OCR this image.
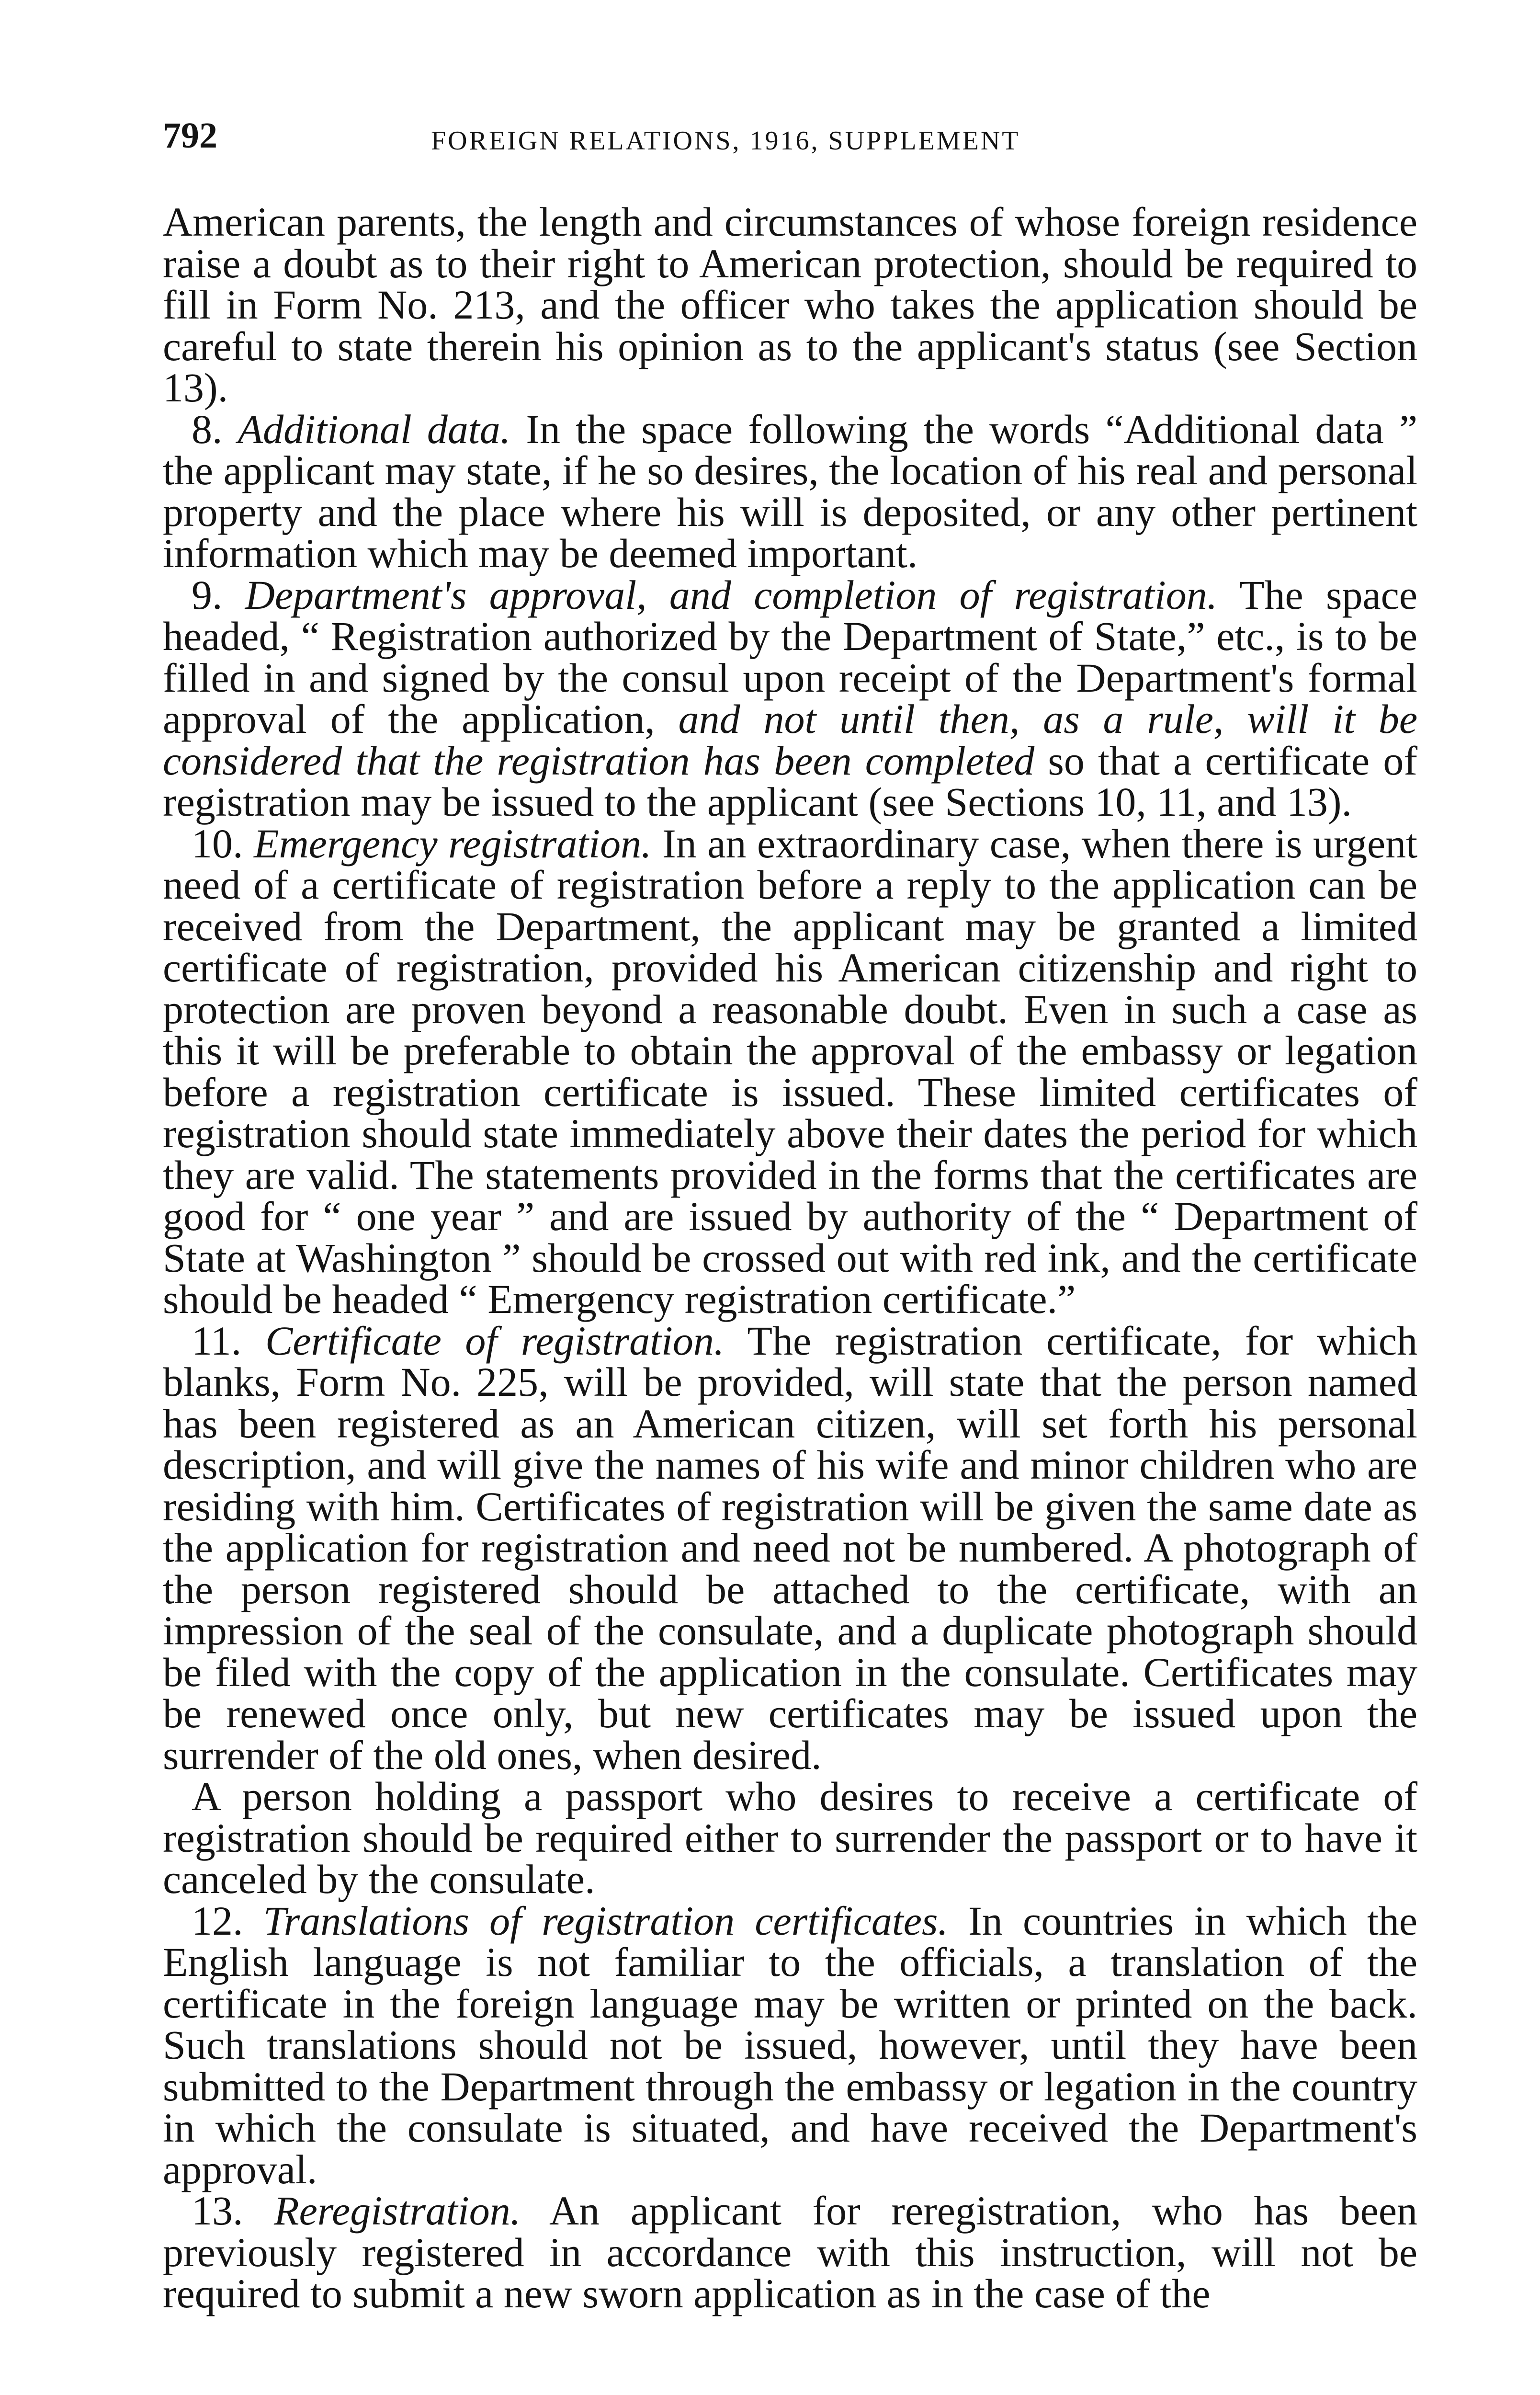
792	FOREIGN RELATIONS, 1916, SUPPLEMENT

American parents, the length and circumstances of whose foreign residence raise a doubt as to their right to American protection, should be required to fill in Form No. 213, and the officer who takes the application should be careful to state therein his opinion as to the applicant's status (see Section 13).

8. Additional data. In the space following the words “Additional data ” the applicant may state, if he so desires, the location of his real and personal property and the place where his will is deposited, or any other pertinent information which may be deemed important.

9. Department's approval, and completion of registration. The space headed, “ Registration authorized by the Department of State,” etc., is to be filled in and signed by the consul upon receipt of the Department's formal approval of the application, and not until then, as a rule, will it be considered that the registration has been completed so that a certificate of registration may be issued to the applicant (see Sections 10, 11, and 13).

10. Emergency registration. In an extraordinary case, when there is urgent need of a certificate of registration before a reply to the application can be received from the Department, the applicant may be granted a limited certificate of registration, provided his American citizenship and right to protection are proven beyond a reasonable doubt. Even in such a case as this it will be preferable to obtain the approval of the embassy or legation before a registration certificate is issued. These limited certificates of registration should state immediately above their dates the period for which they are valid. The statements provided in the forms that the certificates are good for “ one year ” and are issued by authority of the “ Department of State at Washington ” should be crossed out with red ink, and the certificate should be headed “ Emergency registration certificate.”

11. Certificate of registration. The registration certificate, for which blanks, Form No. 225, will be provided, will state that the person named has been registered as an American citizen, will set forth his personal description, and will give the names of his wife and minor children who are residing with him. Certificates of registration will be given the same date as the application for registration and need not be numbered. A photograph of the person registered should be attached to the certificate, with an impression of the seal of the consulate, and a duplicate photograph should be filed with the copy of the application in the consulate. Certificates may be renewed once only, but new certificates may be issued upon the surrender of the old ones, when desired.

A person holding a passport who desires to receive a certificate of registration should be required either to surrender the passport or to have it canceled by the consulate.

12. Translations of registration certificates. In countries in which the English language is not familiar to the officials, a translation of the certificate in the foreign language may be written or printed on the back. Such translations should not be issued, however, until they have been submitted to the Department through the embassy or legation in the country in which the consulate is situated, and have received the Department's approval.

13. Reregistration. An applicant for reregistration, who has been previously registered in accordance with this instruction, will not be required to submit a new sworn application as in the case of the
